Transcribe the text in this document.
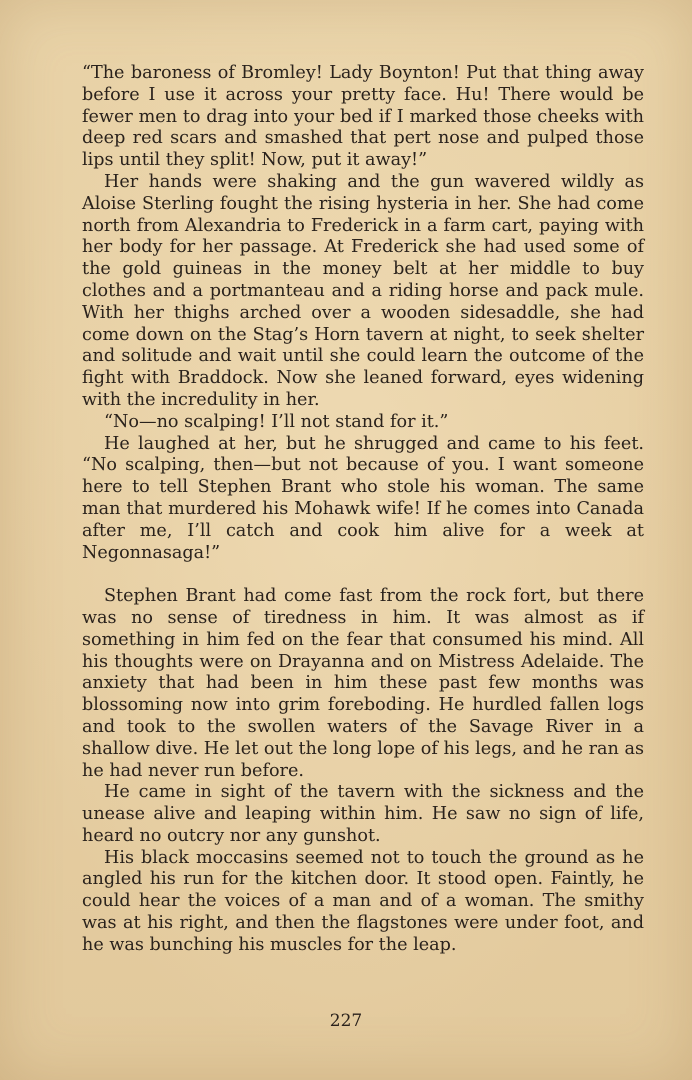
“The baroness of Bromley! Lady Boynton! Put that thing away before I use it across your pretty face. Hu! There would be fewer men to drag into your bed if I marked those cheeks with deep red scars and smashed that pert nose and pulped those lips until they split! Now, put it away!”

Her hands were shaking and the gun wavered wildly as Aloise Sterling fought the rising hysteria in her. She had come north from Alexandria to Frederick in a farm cart, paying with her body for her passage. At Frederick she had used some of the gold guineas in the money belt at her middle to buy clothes and a portmanteau and a riding horse and pack mule. With her thighs arched over a wooden sidesaddle, she had come down on the Stag’s Horn tavern at night, to seek shelter and solitude and wait until she could learn the outcome of the fight with Braddock. Now she leaned forward, eyes widening with the incredulity in her.

“No—no scalping! I’ll not stand for it.”

He laughed at her, but he shrugged and came to his feet. “No scalping, then—but not because of you. I want someone here to tell Stephen Brant who stole his woman. The same man that murdered his Mohawk wife! If he comes into Canada after me, I’ll catch and cook him alive for a week at Negonnasaga!”

Stephen Brant had come fast from the rock fort, but there was no sense of tiredness in him. It was almost as if something in him fed on the fear that consumed his mind. All his thoughts were on Drayanna and on Mistress Adelaide. The anxiety that had been in him these past few months was blossoming now into grim foreboding. He hurdled fallen logs and took to the swollen waters of the Savage River in a shallow dive. He let out the long lope of his legs, and he ran as he had never run before.

He came in sight of the tavern with the sickness and the unease alive and leaping within him. He saw no sign of life, heard no outcry nor any gunshot.

His black moccasins seemed not to touch the ground as he angled his run for the kitchen door. It stood open. Faintly, he could hear the voices of a man and of a woman. The smithy was at his right, and then the flagstones were under foot, and he was bunching his muscles for the leap.

227
